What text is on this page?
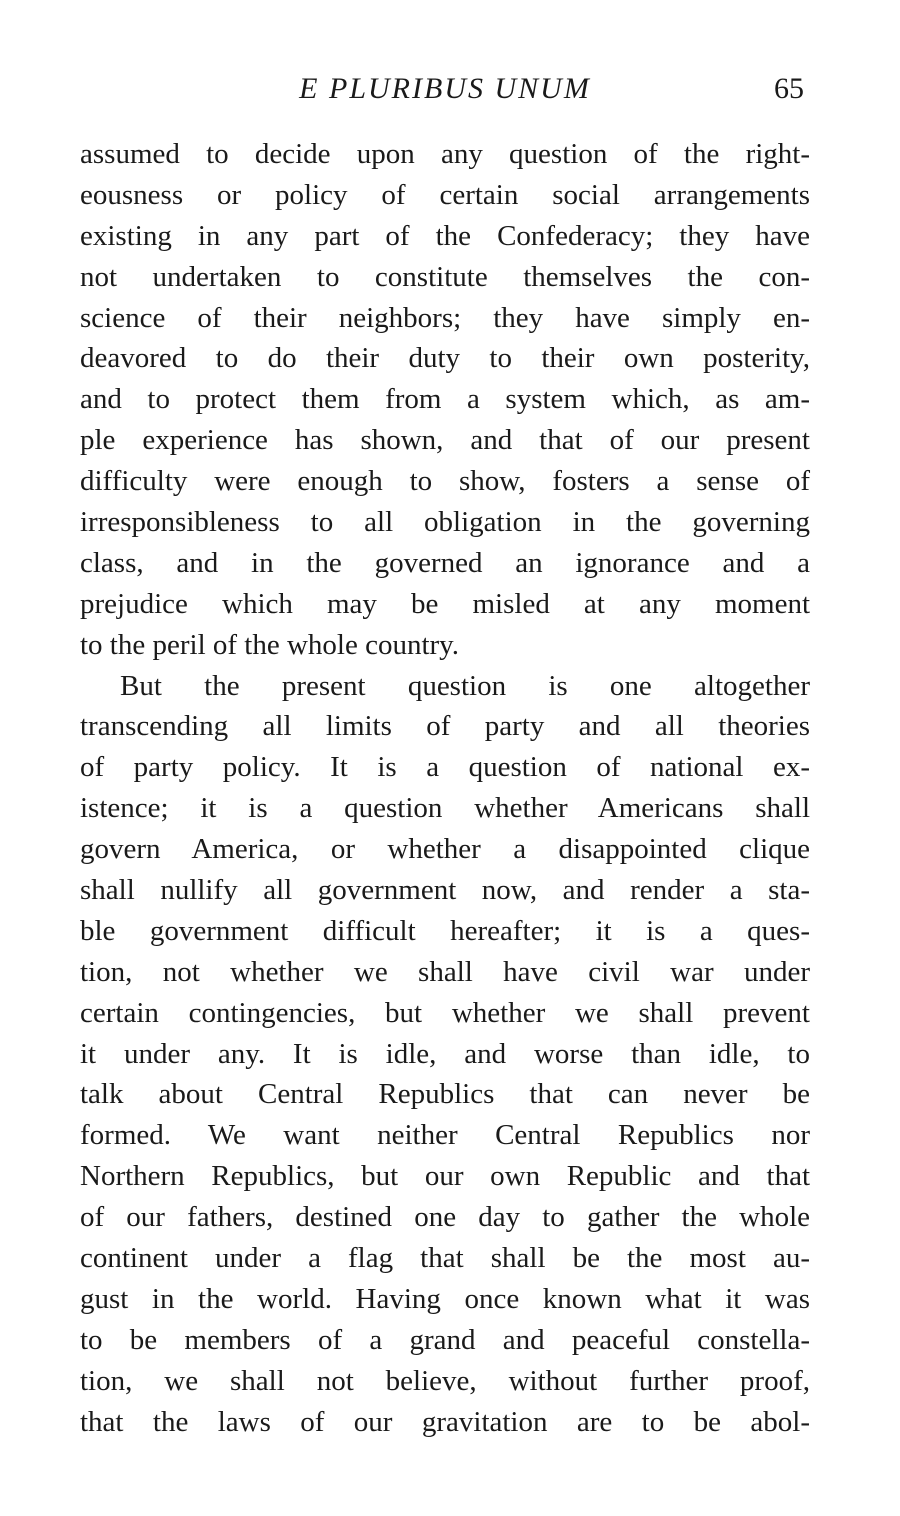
E PLURIBUS UNUM	65
assumed to decide upon any question of the right-
eousness or policy of certain social arrangements
existing in any part of the Confederacy; they have
not undertaken to constitute themselves the con-
science of their neighbors; they have simply en-
deavored to do their duty to their own posterity,
and to protect them from a system which, as am-
ple experience has shown, and that of our present
difficulty were enough to show, fosters a sense of
irresponsibleness to all obligation in the governing
class, and in the governed an ignorance and a
prejudice which may be misled at any moment
to the peril of the whole country.
But the present question is one altogether
transcending all limits of party and all theories
of party policy. It is a question of national ex-
istence; it is a question whether Americans shall
govern America, or whether a disappointed clique
shall nullify all government now, and render a sta-
ble government difficult hereafter; it is a ques-
tion, not whether we shall have civil war under
certain contingencies, but whether we shall prevent
it under any. It is idle, and worse than idle, to
talk about Central Republics that can never be
formed. We want neither Central Republics nor
Northern Republics, but our own Republic and that
of our fathers, destined one day to gather the whole
continent under a flag that shall be the most au-
gust in the world. Having once known what it was
to be members of a grand and peaceful constella-
tion, we shall not believe, without further proof,
that the laws of our gravitation are to be abol-
